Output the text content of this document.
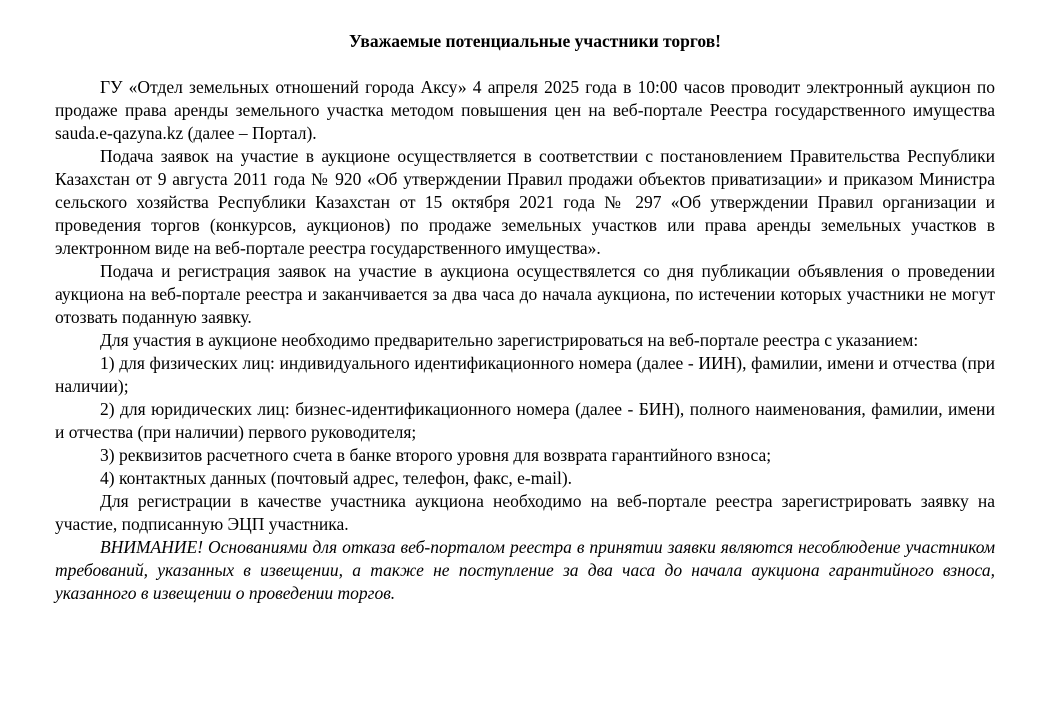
Уважаемые потенциальные участники торгов!

ГУ «Отдел земельных отношений города Аксу» 4 апреля 2025 года в 10:00 часов проводит электронный аукцион по продаже права аренды земельного участка методом повышения цен на веб-портале Реестра государственного имущества sauda.e-qazyna.kz (далее – Портал).

Подача заявок на участие в аукционе осуществляется в соответствии с постановлением Правительства Республики Казахстан от 9 августа 2011 года № 920 «Об утверждении Правил продажи объектов приватизации» и приказом Министра сельского хозяйства Республики Казахстан от 15 октября 2021 года № 297 «Об утверждении Правил организации и проведения торгов (конкурсов, аукционов) по продаже земельных участков или права аренды земельных участков в электронном виде на веб-портале реестра государственного имущества».

Подача и регистрация заявок на участие в аукциона осуществялется со дня публикации объявления о проведении аукциона на веб-портале реестра и заканчивается за два часа до начала аукциона, по истечении которых участники не могут отозвать поданную заявку.

Для участия в аукционе необходимо предварительно зарегистрироваться на веб-портале реестра с указанием:

1) для физических лиц: индивидуального идентификационного номера (далее - ИИН), фамилии, имени и отчества (при наличии);

2) для юридических лиц: бизнес-идентификационного номера (далее - БИН), полного наименования, фамилии, имени и отчества (при наличии) первого руководителя;

3) реквизитов расчетного счета в банке второго уровня для возврата гарантийного взноса;

4) контактных данных (почтовый адрес, телефон, факс, e-mail).

Для регистрации в качестве участника аукциона необходимо на веб-портале реестра зарегистрировать заявку на участие, подписанную ЭЦП участника.

ВНИМАНИЕ! Основаниями для отказа веб-порталом реестра в принятии заявки являются несоблюдение участником требований, указанных в извещении, а также не поступление за два часа до начала аукциона гарантийного взноса, указанного в извещении о проведении торгов.
